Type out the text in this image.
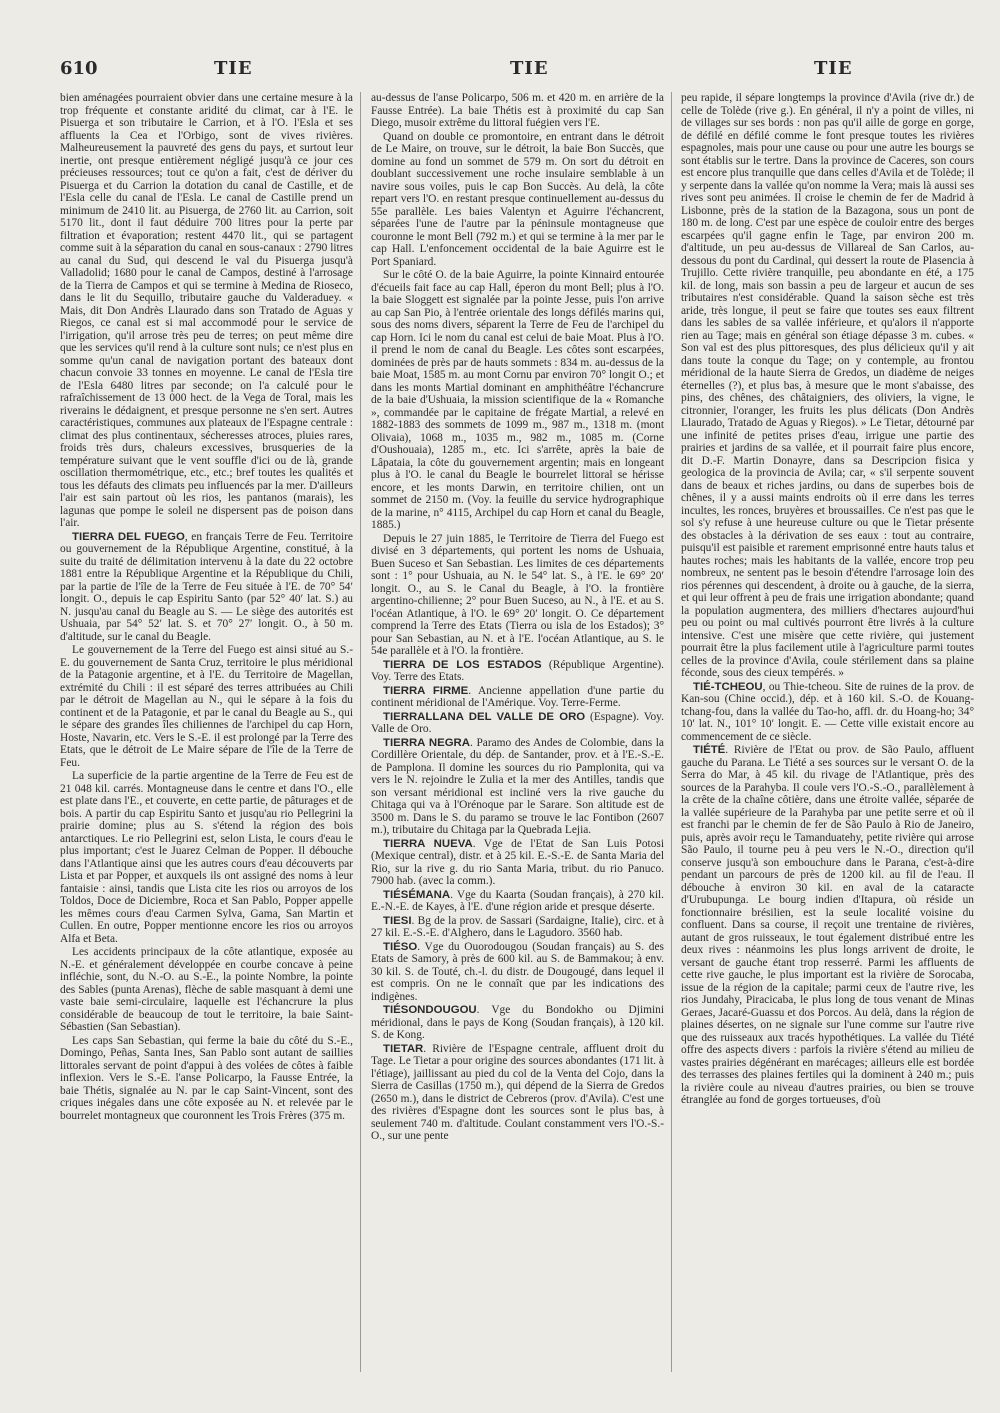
610	TIE	TIE	TIE

bien aménagées pourraient obvier dans une certaine mesure à la trop fréquente et constante aridité du climat, car à l'E. le Pisuerga et son tributaire le Carrion, et à l'O. l'Esla et ses affluents la Cea et l'Orbigo, sont de vives rivières. Malheureusement la pauvreté des gens du pays, et surtout leur inertie, ont presque entièrement négligé jusqu'à ce jour ces précieuses ressources; tout ce qu'on a fait, c'est de dériver du Pisuerga et du Carrion la dotation du canal de Castille, et de l'Esla celle du canal de l'Esla. Le canal de Castille prend un minimum de 2410 lit. au Pisuerga, de 2760 lit. au Carrion, soit 5170 lit., dont il faut déduire 700 litres pour la perte par filtration et évaporation; restent 4470 lit., qui se partagent comme suit à la séparation du canal en sous-canaux : 2790 litres au canal du Sud, qui descend le val du Pisuerga jusqu'à Valladolid; 1680 pour le canal de Campos, destiné à l'arrosage de la Tierra de Campos et qui se termine à Medina de Rioseco, dans le lit du Sequillo, tributaire gauche du Valderaduey. « Mais, dit Don Andrès Llaurado dans son Tratado de Aguas y Riegos, ce canal est si mal accommodé pour le service de l'irrigation, qu'il arrose très peu de terres; on peut même dire que les services qu'il rend à la culture sont nuls; ce n'est plus en somme qu'un canal de navigation portant des bateaux dont chacun convoie 33 tonnes en moyenne. Le canal de l'Esla tire de l'Esla 6480 litres par seconde; on l'a calculé pour le rafraîchissement de 13 000 hect. de la Vega de Toral, mais les riverains le dédaignent, et presque personne ne s'en sert. Autres caractéristiques, communes aux plateaux de l'Espagne centrale : climat des plus continentaux, sécheresses atroces, pluies rares, froids très durs, chaleurs excessives, brusqueries de la température suivant que le vent souffle d'ici ou de là, grande oscillation thermométrique, etc., etc.; bref toutes les qualités et tous les défauts des climats peu influencés par la mer. D'ailleurs l'air est sain partout où les rios, les pantanos (marais), les lagunas que pompe le soleil ne dispersent pas de poison dans l'air.

TIERRA DEL FUEGO, en français Terre de Feu. Territoire ou gouvernement de la République Argentine, constitué, à la suite du traité de délimitation intervenu à la date du 22 octobre 1881 entre la République Argentine et la République du Chili, par la partie de l'île de la Terre de Feu située à l'E. de 70° 54′ longit. O., depuis le cap Espiritu Santo (par 52° 40′ lat. S.) au N. jusqu'au canal du Beagle au S. — Le siège des autorités est Ushuaia, par 54° 52′ lat. S. et 70° 27′ longit. O., à 50 m. d'altitude, sur le canal du Beagle.

Le gouvernement de la Terre del Fuego est ainsi situé au S.-E. du gouvernement de Santa Cruz, territoire le plus méridional de la Patagonie argentine, et à l'E. du Territoire de Magellan, extrémité du Chili : il est séparé des terres attribuées au Chili par le détroit de Magellan au N., qui le sépare à la fois du continent et de la Patagonie, et par le canal du Beagle au S., qui le sépare des grandes îles chiliennes de l'archipel du cap Horn, Hoste, Navarin, etc. Vers le S.-E. il est prolongé par la Terre des Etats, que le détroit de Le Maire sépare de l'île de la Terre de Feu.

La superficie de la partie argentine de la Terre de Feu est de 21 048 kil. carrés. Montagneuse dans le centre et dans l'O., elle est plate dans l'E., et couverte, en cette partie, de pâturages et de bois. A partir du cap Espiritu Santo et jusqu'au rio Pellegrini la prairie domine; plus au S. s'étend la région des bois antarctiques. Le rio Pellegrini est, selon Lista, le cours d'eau le plus important; c'est le Juarez Celman de Popper. Il débouche dans l'Atlantique ainsi que les autres cours d'eau découverts par Lista et par Popper, et auxquels ils ont assigné des noms à leur fantaisie : ainsi, tandis que Lista cite les rios ou arroyos de los Toldos, Doce de Diciembre, Roca et San Pablo, Popper appelle les mêmes cours d'eau Carmen Sylva, Gama, San Martin et Cullen. En outre, Popper mentionne encore les rios ou arroyos Alfa et Beta.

Les accidents principaux de la côte atlantique, exposée au N.-E. et généralement développée en courbe concave à peine infléchie, sont, du N.-O. au S.-E., la pointe Nombre, la pointe des Sables (punta Arenas), flèche de sable masquant à demi une vaste baie semi-circulaire, laquelle est l'échancrure la plus considérable de beaucoup de tout le territoire, la baie Saint-Sébastien (San Sebastian).

Les caps San Sebastian, qui ferme la baie du côté du S.-E., Domingo, Peñas, Santa Ines, San Pablo sont autant de saillies littorales servant de point d'appui à des volées de côtes à faible inflexion. Vers le S.-E. l'anse Policarpo, la Fausse Entrée, la baie Thétis, signalée au N. par le cap Saint-Vincent, sont des criques inégales dans une côte exposée au N. et relevée par le bourrelet montagneux que couronnent les Trois Frères (375 m.

au-dessus de l'anse Policarpo, 506 m. et 420 m. en arrière de la Fausse Entrée). La baie Thétis est à proximité du cap San Diego, musoir extrême du littoral fuégien vers l'E.

Quand on double ce promontoire, en entrant dans le détroit de Le Maire, on trouve, sur le détroit, la baie Bon Succès, que domine au fond un sommet de 579 m. On sort du détroit en doublant successivement une roche insulaire semblable à un navire sous voiles, puis le cap Bon Succès. Au delà, la côte repart vers l'O. en restant presque continuellement au-dessus du 55e parallèle. Les baies Valentyn et Aguirre l'échancrent, séparées l'une de l'autre par la péninsule montagneuse que couronne le mont Bell (792 m.) et qui se termine à la mer par le cap Hall. L'enfoncement occidental de la baie Aguirre est le Port Spaniard.

Sur le côté O. de la baie Aguirre, la pointe Kinnaird entourée d'écueils fait face au cap Hall, éperon du mont Bell; plus à l'O. la baie Sloggett est signalée par la pointe Jesse, puis l'on arrive au cap San Pio, à l'entrée orientale des longs défilés marins qui, sous des noms divers, séparent la Terre de Feu de l'archipel du cap Horn. Ici le nom du canal est celui de baie Moat. Plus à l'O. il prend le nom de canal du Beagle. Les côtes sont escarpées, dominées de près par de hauts sommets : 834 m. au-dessus de la baie Moat, 1585 m. au mont Cornu par environ 70° longit O.; et dans les monts Martial dominant en amphithéâtre l'échancrure de la baie d'Ushuaia, la mission scientifique de la « Romanche », commandée par le capitaine de frégate Martial, a relevé en 1882-1883 des sommets de 1099 m., 987 m., 1318 m. (mont Olivaia), 1068 m., 1035 m., 982 m., 1085 m. (Corne d'Oushouaia), 1285 m., etc. Ici s'arrête, après la baie de Lâpataia, la côte du gouvernement argentin; mais en longeant plus à l'O. le canal du Beagle le bourrelet littoral se hérisse encore, et les monts Darwin, en territoire chilien, ont un sommet de 2150 m. (Voy. la feuille du service hydrographique de la marine, n° 4115, Archipel du cap Horn et canal du Beagle, 1885.)

Depuis le 27 juin 1885, le Territoire de Tierra del Fuego est divisé en 3 départements, qui portent les noms de Ushuaia, Buen Suceso et San Sebastian. Les limites de ces départements sont : 1° pour Ushuaia, au N. le 54° lat. S., à l'E. le 69° 20′ longit. O., au S. le Canal du Beagle, à l'O. la frontière argentino-chilienne; 2° pour Buen Suceso, au N., à l'E. et au S. l'océan Atlantique, à l'O. le 69° 20′ longit. O. Ce département comprend la Terre des Etats (Tierra ou isla de los Estados); 3° pour San Sebastian, au N. et à l'E. l'océan Atlantique, au S. le 54e parallèle et à l'O. la frontière.

TIERRA DE LOS ESTADOS (République Argentine). Voy. Terre des Etats.

TIERRA FIRME. Ancienne appellation d'une partie du continent méridional de l'Amérique. Voy. Terre-Ferme.

TIERRALLANA DEL VALLE DE ORO (Espagne). Voy. Valle de Oro.

TIERRA NEGRA. Paramo des Andes de Colombie, dans la Cordillère Orientale, du dép. de Santander, prov. et à l'E.-S.-E. de Pamplona. Il domine les sources du rio Pamplonita, qui va vers le N. rejoindre le Zulia et la mer des Antilles, tandis que son versant méridional est incliné vers la rive gauche du Chitaga qui va à l'Orénoque par le Sarare. Son altitude est de 3500 m. Dans le S. du paramo se trouve le lac Fontibon (2607 m.), tributaire du Chitaga par la Quebrada Lejia.

TIERRA NUEVA. Vge de l'Etat de San Luis Potosi (Mexique central), distr. et à 25 kil. E.-S.-E. de Santa Maria del Rio, sur la rive g. du rio Santa Maria, tribut. du rio Panuco. 7900 hab. (avec la comm.).

TIÉSÉMANA. Vge du Kaarta (Soudan français), à 270 kil. E.-N.-E. de Kayes, à l'E. d'une région aride et presque déserte.

TIESI. Bg de la prov. de Sassari (Sardaigne, Italie), circ. et à 27 kil. E.-S.-E. d'Alghero, dans le Lagudoro. 3560 hab.

TIÉSO. Vge du Ouorodougou (Soudan français) au S. des Etats de Samory, à près de 600 kil. au S. de Bammakou; à env. 30 kil. S. de Touté, ch.-l. du distr. de Dougougé, dans lequel il est compris. On ne le connaît que par les indications des indigènes.

TIÉSONDOUGOU. Vge du Bondokho ou Djimini méridional, dans le pays de Kong (Soudan français), à 120 kil. S. de Kong.

TIETAR. Rivière de l'Espagne centrale, affluent droit du Tage. Le Tietar a pour origine des sources abondantes (171 lit. à l'étiage), jaillissant au pied du col de la Venta del Cojo, dans la Sierra de Casillas (1750 m.), qui dépend de la Sierra de Gredos (2650 m.), dans le district de Cebreros (prov. d'Avila). C'est une des rivières d'Espagne dont les sources sont le plus bas, à seulement 740 m. d'altitude. Coulant constamment vers l'O.-S.-O., sur une pente

peu rapide, il sépare longtemps la province d'Avila (rive dr.) de celle de Tolède (rive g.). En général, il n'y a point de villes, ni de villages sur ses bords : non pas qu'il aille de gorge en gorge, de défilé en défilé comme le font presque toutes les rivières espagnoles, mais pour une cause ou pour une autre les bourgs se sont établis sur le tertre. Dans la province de Caceres, son cours est encore plus tranquille que dans celles d'Avila et de Tolède; il y serpente dans la vallée qu'on nomme la Vera; mais là aussi ses rives sont peu animées. Il croise le chemin de fer de Madrid à Lisbonne, près de la station de la Bazagona, sous un pont de 180 m. de long. C'est par une espèce de couloir entre des berges escarpées qu'il gagne enfin le Tage, par environ 200 m. d'altitude, un peu au-dessus de Villareal de San Carlos, au-dessous du pont du Cardinal, qui dessert la route de Plasencia à Trujillo. Cette rivière tranquille, peu abondante en été, a 175 kil. de long, mais son bassin a peu de largeur et aucun de ses tributaires n'est considérable. Quand la saison sèche est très aride, très longue, il peut se faire que toutes ses eaux filtrent dans les sables de sa vallée inférieure, et qu'alors il n'apporte rien au Tage; mais en général son étiage dépasse 3 m. cubes. « Son val est des plus pittoresques, des plus délicieux qu'il y ait dans toute la conque du Tage; on y contemple, au frontou méridional de la haute Sierra de Gredos, un diadème de neiges éternelles (?), et plus bas, à mesure que le mont s'abaisse, des pins, des chênes, des châtaigniers, des oliviers, la vigne, le citronnier, l'oranger, les fruits les plus délicats (Don Andrès Llaurado, Tratado de Aguas y Riegos). » Le Tietar, détourné par une infinité de petites prises d'eau, irrigue une partie des prairies et jardins de sa vallée, et il pourrait faire plus encore, dit D.-F. Martin Donayre, dans sa Descripcion fisica y geologica de la provincia de Avila; car, « s'il serpente souvent dans de beaux et riches jardins, ou dans de superbes bois de chênes, il y a aussi maints endroits où il erre dans les terres incultes, les ronces, bruyères et broussailles. Ce n'est pas que le sol s'y refuse à une heureuse culture ou que le Tietar présente des obstacles à la dérivation de ses eaux : tout au contraire, puisqu'il est paisible et rarement emprisonné entre hauts talus et hautes roches; mais les habitants de la vallée, encore trop peu nombreux, ne sentent pas le besoin d'étendre l'arrosage loin des rios pérennes qui descendent, à droite ou à gauche, de la sierra, et qui leur offrent à peu de frais une irrigation abondante; quand la population augmentera, des milliers d'hectares aujourd'hui peu ou point ou mal cultivés pourront être livrés à la culture intensive. C'est une misère que cette rivière, qui justement pourrait être la plus facilement utile à l'agriculture parmi toutes celles de la province d'Avila, coule stérilement dans sa plaine féconde, sous des cieux tempérés. »

TIÉ-TCHEOU, ou Thie-tcheou. Site de ruines de la prov. de Kan-sou (Chine occid.), dép. et à 160 kil. S.-O. de Kouang-tchang-fou, dans la vallée du Tao-ho, affl. dr. du Hoang-ho; 34° 10′ lat. N., 101° 10′ longit. E. — Cette ville existait encore au commencement de ce siècle.

TIÉTÉ. Rivière de l'Etat ou prov. de São Paulo, affluent gauche du Parana. Le Tiété a ses sources sur le versant O. de la Serra do Mar, à 45 kil. du rivage de l'Atlantique, près des sources de la Parahyba. Il coule vers l'O.-S.-O., parallèlement à la crête de la chaîne côtière, dans une étroite vallée, séparée de la vallée supérieure de la Parahyba par une petite serre et où il est franchi par le chemin de fer de São Paulo à Rio de Janeiro, puis, après avoir reçu le Tamanduatehy, petite rivière qui arrose São Paulo, il tourne peu à peu vers le N.-O., direction qu'il conserve jusqu'à son embouchure dans le Parana, c'est-à-dire pendant un parcours de près de 1200 kil. au fil de l'eau. Il débouche à environ 30 kil. en aval de la cataracte d'Urubupunga. Le bourg indien d'Itapura, où réside un fonctionnaire brésilien, est la seule localité voisine du confluent. Dans sa course, il reçoit une trentaine de rivières, autant de gros ruisseaux, le tout également distribué entre les deux rives : néanmoins les plus longs arrivent de droite, le versant de gauche étant trop resserré. Parmi les affluents de cette rive gauche, le plus important est la rivière de Sorocaba, issue de la région de la capitale; parmi ceux de l'autre rive, les rios Jundahy, Piracicaba, le plus long de tous venant de Minas Geraes, Jacaré-Guassu et dos Porcos. Au delà, dans la région de plaines désertes, on ne signale sur l'une comme sur l'autre rive que des ruisseaux aux tracés hypothétiques. La vallée du Tiété offre des aspects divers : parfois la rivière s'étend au milieu de vastes prairies dégénérant en marécages; ailleurs elle est bordée des terrasses des plaines fertiles qui la dominent à 240 m.; puis la rivière coule au niveau d'autres prairies, ou bien se trouve étranglée au fond de gorges tortueuses, d'où
